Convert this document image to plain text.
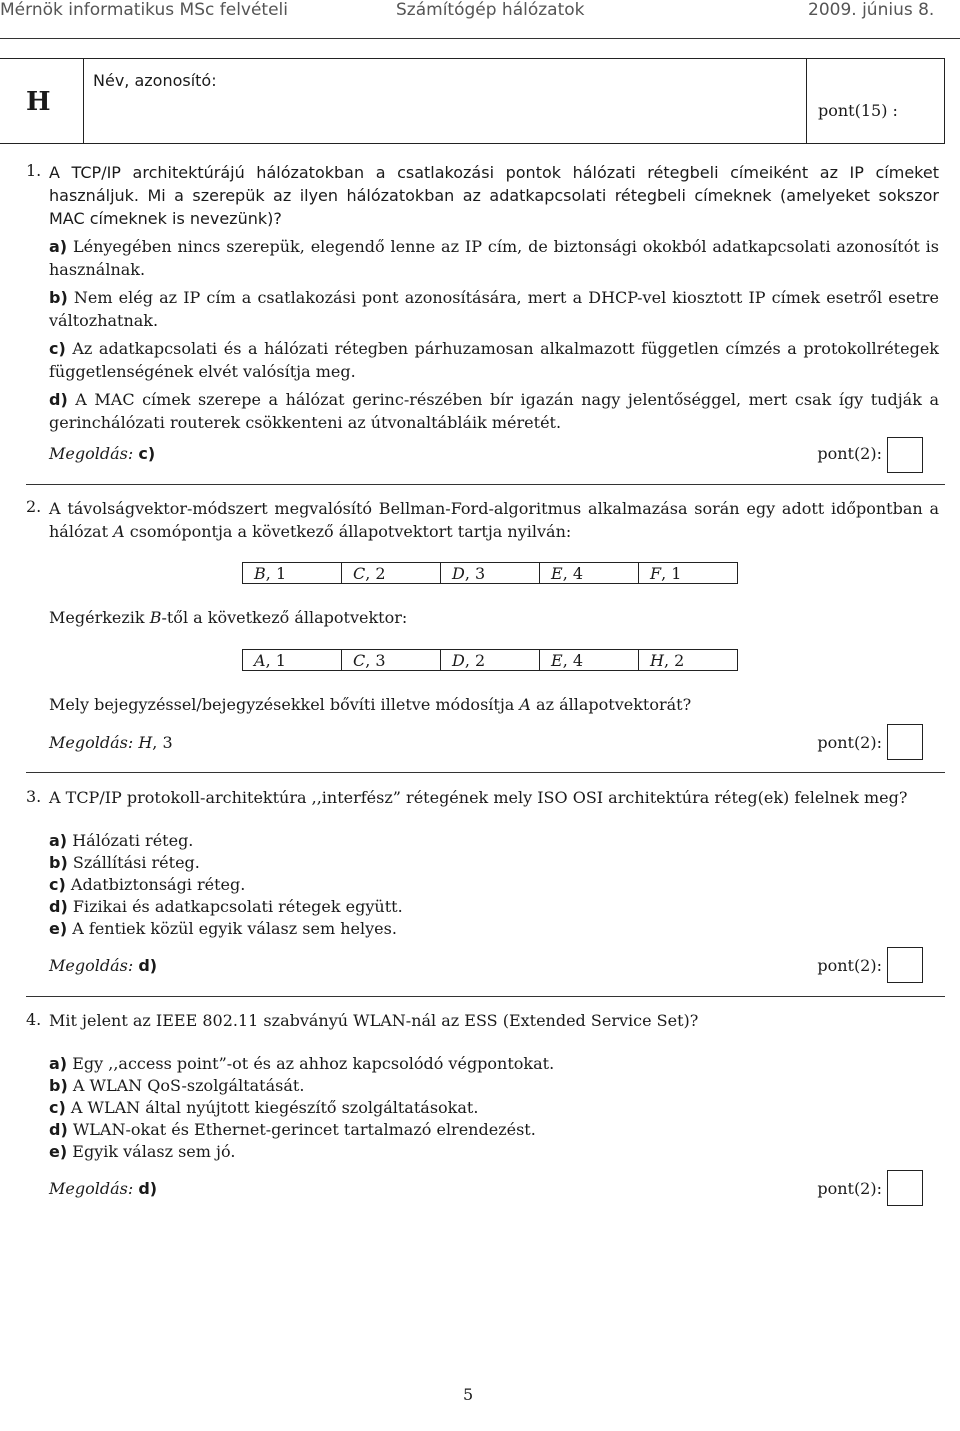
Mérnök informatikus MSc felvételi	Számítógép hálózatok	2009. június 8.
H
Név, azonosító:
pont(15) :
1. A TCP/IP architektúrájú hálózatokban a csatlakozási pontok hálózati rétegbeli címeiként az IP címeket használjuk. Mi a szerepük az ilyen hálózatokban az adatkapcsolati rétegbeli címeknek (amelyeket sokszor MAC címeknek is nevezünk)?
a) Lényegében nincs szerepük, elegendő lenne az IP cím, de biztonsági okokból adatkapcsolati azonosítót is használnak.
b) Nem elég az IP cím a csatlakozási pont azonosítására, mert a DHCP-vel kiosztott IP címek esetről esetre változhatnak.
c) Az adatkapcsolati és a hálózati rétegben párhuzamosan alkalmazott független címzés a protokollrétegek függetlenségének elvét valósítja meg.
d) A MAC címek szerepe a hálózat gerinc-részében bír igazán nagy jelentőséggel, mert csak így tudják a gerinchálózati routerek csökkenteni az útvonaltábláik méretét.
Megoldás: c)	pont(2):
2. A távolságvektor-módszert megvalósító Bellman-Ford-algoritmus alkalmazása során egy adott időpontban a hálózat A csomópontja a következő állapotvektort tartja nyilván:
B, 1	C, 2	D, 3	E, 4	F, 1
Megérkezik B-től a következő állapotvektor:
A, 1	C, 3	D, 2	E, 4	H, 2
Mely bejegyzéssel/bejegyzésekkel bővíti illetve módosítja A az állapotvektorát?
Megoldás: H, 3	pont(2):
3. A TCP/IP protokoll-architektúra ,,interfész” rétegének mely ISO OSI architektúra réteg(ek) felelnek meg?
a) Hálózati réteg.
b) Szállítási réteg.
c) Adatbiztonsági réteg.
d) Fizikai és adatkapcsolati rétegek együtt.
e) A fentiek közül egyik válasz sem helyes.
Megoldás: d)	pont(2):
4. Mit jelent az IEEE 802.11 szabványú WLAN-nál az ESS (Extended Service Set)?
a) Egy ,,access point”-ot és az ahhoz kapcsolódó végpontokat.
b) A WLAN QoS-szolgáltatását.
c) A WLAN által nyújtott kiegészítő szolgáltatásokat.
d) WLAN-okat és Ethernet-gerincet tartalmazó elrendezést.
e) Egyik válasz sem jó.
Megoldás: d)	pont(2):
5
